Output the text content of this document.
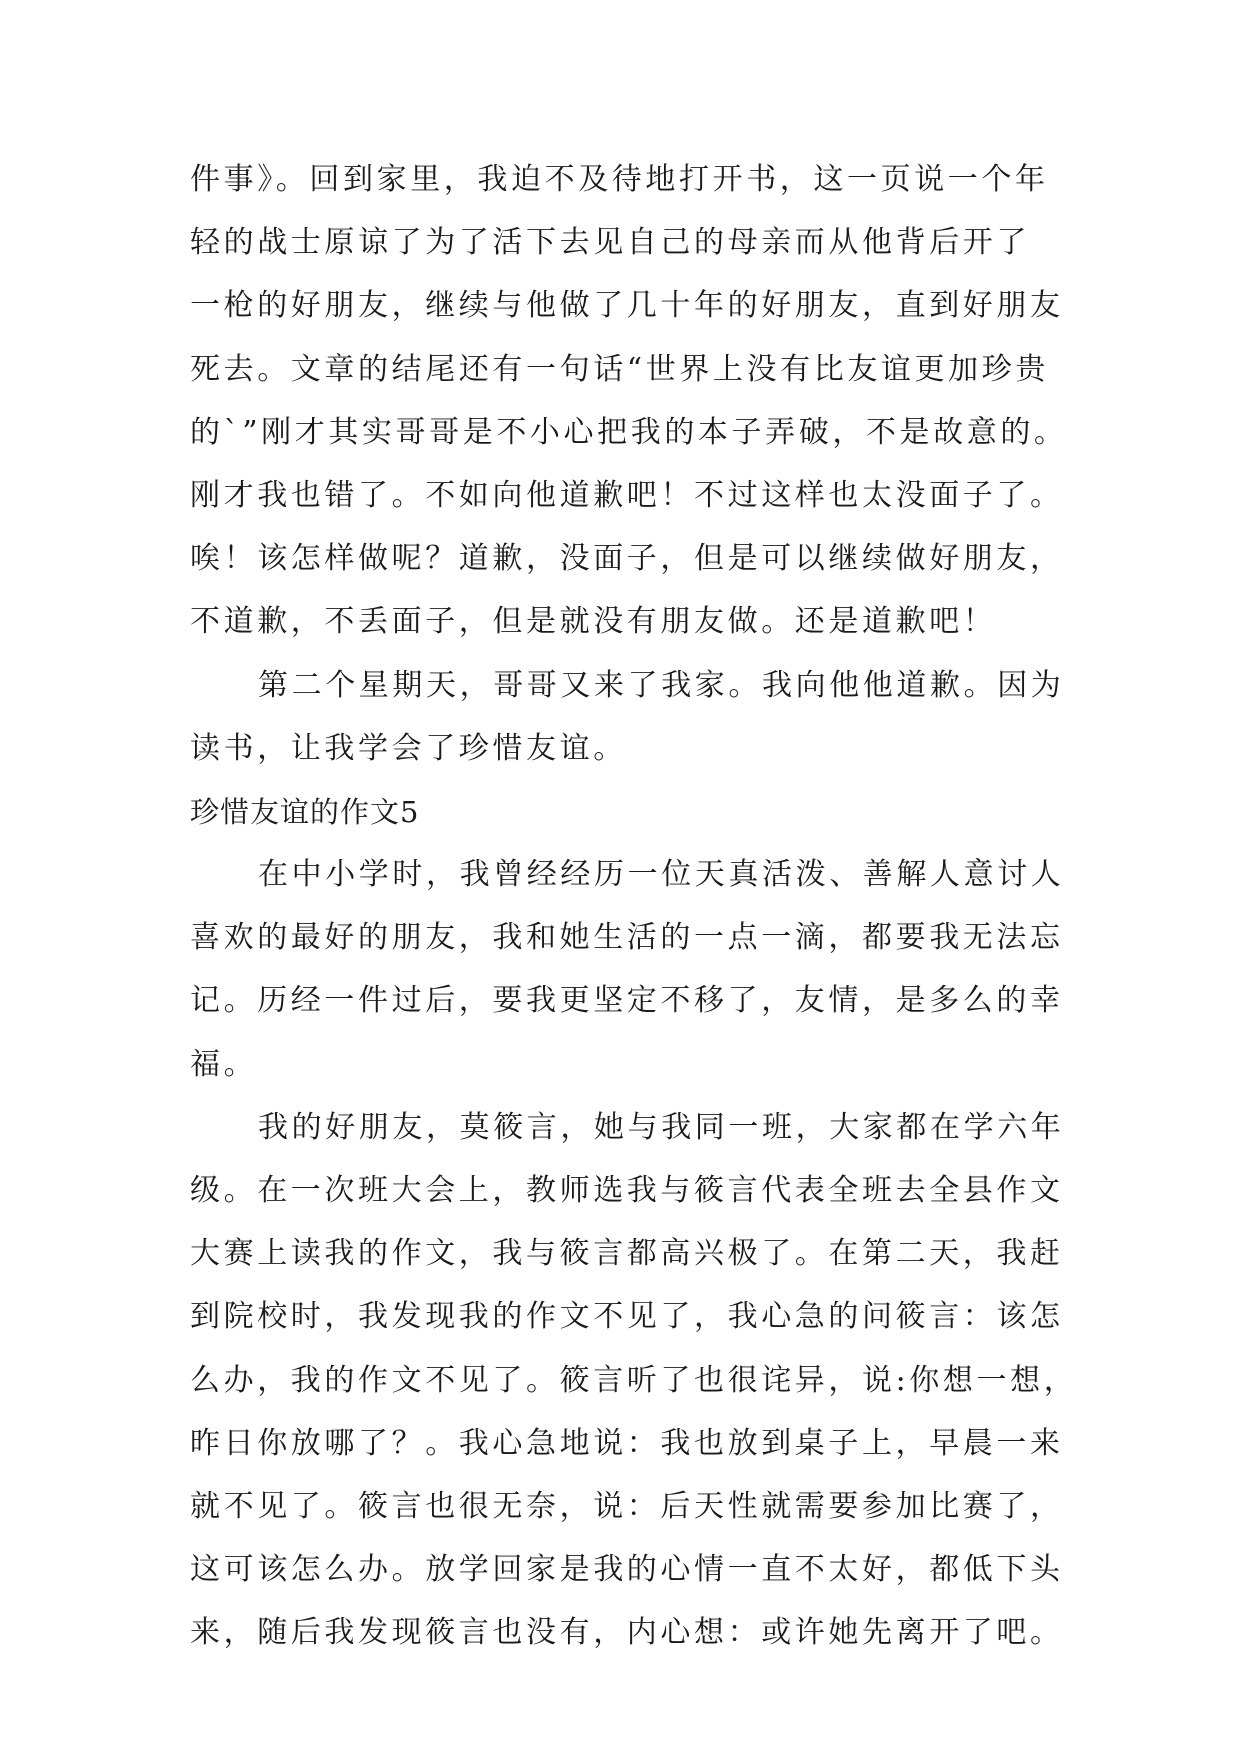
件事》。回到家里，我迫不及待地打开书，这一页说一个年
轻的战士原谅了为了活下去见自己的母亲而从他背后开了
一枪的好朋友，继续与他做了几十年的好朋友，直到好朋友
死去。文章的结尾还有一句话“世界上没有比友谊更加珍贵
的`”刚才其实哥哥是不小心把我的本子弄破，不是故意的。
刚才我也错了。不如向他道歉吧！不过这样也太没面子了。
唉！该怎样做呢？道歉，没面子，但是可以继续做好朋友，
不道歉，不丢面子，但是就没有朋友做。还是道歉吧！
第二个星期天，哥哥又来了我家。我向他他道歉。因为
读书，让我学会了珍惜友谊。
珍惜友谊的作文5
在中小学时，我曾经经历一位天真活泼、善解人意讨人
喜欢的最好的朋友，我和她生活的一点一滴，都要我无法忘
记。历经一件过后，要我更坚定不移了，友情，是多么的幸
福。
我的好朋友，莫筱言，她与我同一班，大家都在学六年
级。在一次班大会上，教师选我与筱言代表全班去全县作文
大赛上读我的作文，我与筱言都高兴极了。在第二天，我赶
到院校时，我发现我的作文不见了，我心急的问筱言：该怎
么办，我的作文不见了。筱言听了也很诧异，说:你想一想，
昨日你放哪了？。我心急地说：我也放到桌子上，早晨一来
就不见了。筱言也很无奈，说：后天性就需要参加比赛了，
这可该怎么办。放学回家是我的心情一直不太好，都低下头
来，随后我发现筱言也没有，内心想：或许她先离开了吧。
